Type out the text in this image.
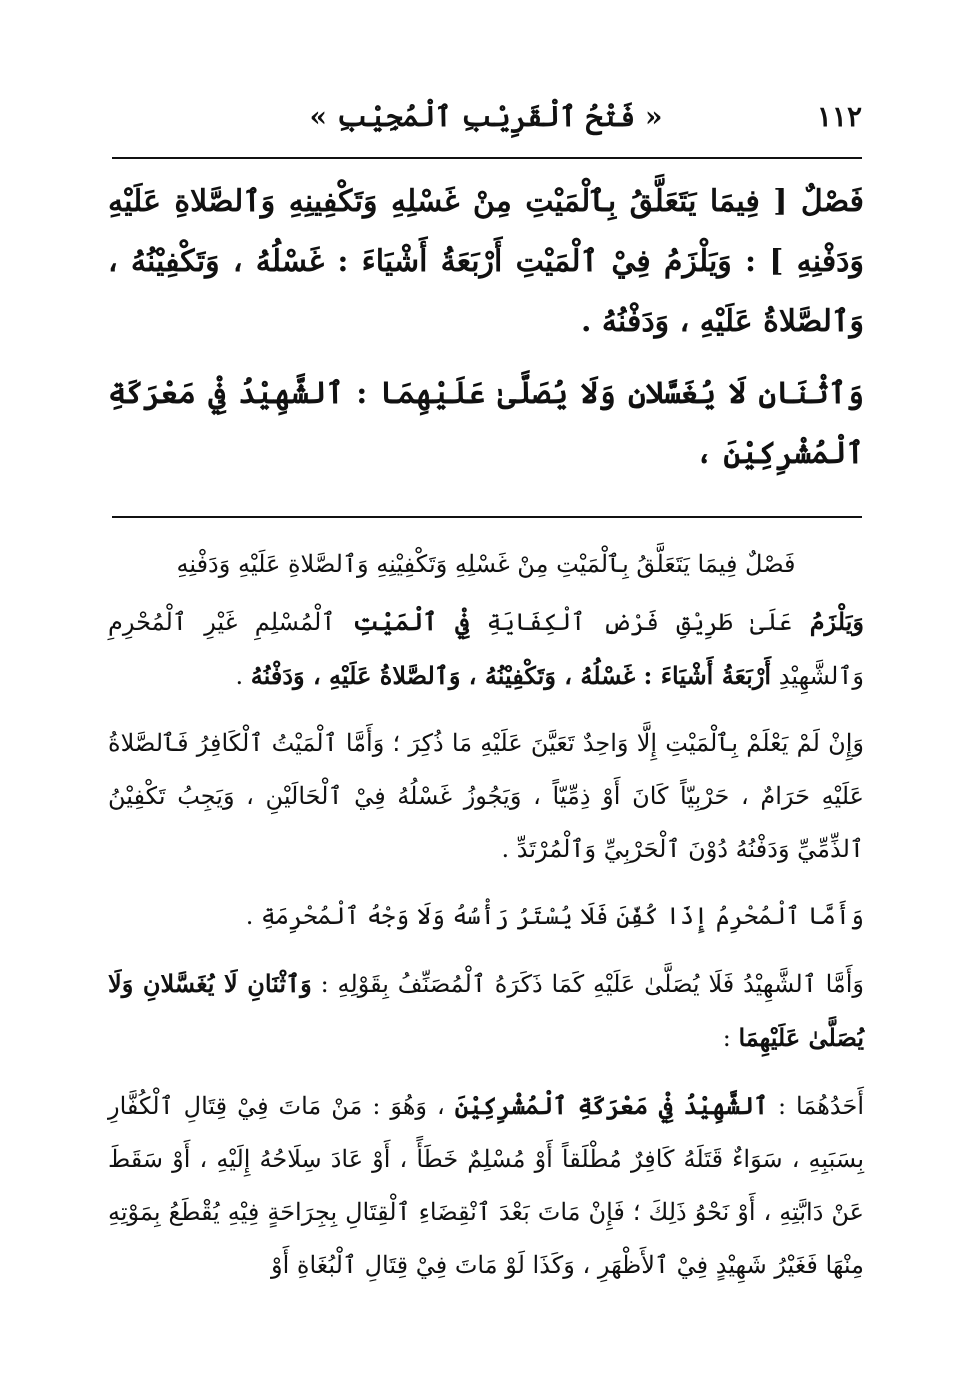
١١٢
« فَتْحُ ٱلْقَرِيْبِ ٱلْمُجِيْبِ »

فَصْلٌ [ فِيمَا يَتَعَلَّقُ بِٱلْمَيْتِ مِنْ غَسْلِهِ وَتَكْفِينِهِ وَٱلصَّلاةِ عَلَيْهِ وَدَفْنِهِ ] : وَيَلْزَمُ فِيْ ٱلْمَيْتِ أَرْبَعَةُ أَشْيَاءَ : غَسْلُهُ ، وَتَكْفِيْنُهُ ، وَٱلصَّلاةُ عَلَيْهِ ، وَدَفْنُهُ .

وَٱثْنَانِ لَا يُغَسَّلانِ وَلَا يُصَلَّىٰ عَلَيْهِمَا : ٱلشَّهِيْدُ فِيْ مَعْرَكَةِ ٱلْمُشْرِكِيْنَ ،

فَصْلٌ فِيمَا يَتَعَلَّقُ بِٱلْمَيْتِ مِنْ غَسْلِهِ وَتَكْفِيْنِهِ وَٱلصَّلاةِ عَلَيْهِ وَدَفْنِهِ

وَيَلْزَمُ عَلَىٰ طَرِيْقِ فَرْضِ ٱلْكِفَايَةِ فِيْ ٱلْمَيْتِ ٱلْمُسْلِمِ غَيْرِ ٱلْمُحْرِمِ وَٱلشَّهِيْدِ أَرْبَعَةُ أَشْيَاءَ : غَسْلُهُ ، وَتَكْفِيْنُهُ ، وَٱلصَّلاةُ عَلَيْهِ ، وَدَفْنُهُ .

وَإِنْ لَمْ يَعْلَمْ بِٱلْمَيْتِ إِلَّا وَاحِدٌ تَعَيَّنَ عَلَيْهِ مَا ذُكِرَ ؛ وَأَمَّا ٱلْمَيْتُ ٱلْكَافِرُ فَٱلصَّلاةُ عَلَيْهِ حَرَامٌ ، حَرْبِيّاً كَانَ أَوْ ذِمِّيّاً ، وَيَجُوزُ غَسْلُهُ فِيْ ٱلْحَالَيْنِ ، وَيَجِبُ تَكْفِيْنُ ٱلذِّمِّيِّ وَدَفْنُهُ دُوْنَ ٱلْحَرْبِيِّ وَٱلْمُرْتَدِّ .

وَأَمَّا ٱلْمُحْرِمُ إِذَا كُفِّنَ فَلَا يُسْتَرُ رَأْسُهُ وَلَا وَجْهُ ٱلْمُحْرِمَةِ .

وَأَمَّا ٱلشَّهِيْدُ فَلَا يُصَلَّىٰ عَلَيْهِ كَمَا ذَكَرَهُ ٱلْمُصَنِّفُ بِقَوْلِهِ : وَٱثْنَانِ لَا يُغَسَّلانِ وَلَا يُصَلَّىٰ عَلَيْهِمَا :

أَحَدُهُمَا : ٱلشَّهِيْدُ فِيْ مَعْرَكَةِ ٱلْمُشْرِكِيْنَ ، وَهُوَ : مَنْ مَاتَ فِيْ قِتَالِ ٱلْكُفَّارِ بِسَبَبِهِ ، سَوَاءٌ قَتَلَهُ كَافِرٌ مُطْلَقاً أَوْ مُسْلِمٌ خَطَأً ، أَوْ عَادَ سِلَاحُهُ إِلَيْهِ ، أَوْ سَقَطَ عَنْ دَابَّتِهِ ، أَوْ نَحْوُ ذَلِكَ ؛ فَإِنْ مَاتَ بَعْدَ ٱنْقِضَاءِ ٱلْقِتَالِ بِجِرَاحَةٍ فِيْهِ يُقْطَعُ بِمَوْتِهِ مِنْهَا فَغَيْرُ شَهِيْدٍ فِيْ ٱلأَظْهَرِ ، وَكَذَا لَوْ مَاتَ فِيْ قِتَالِ ٱلْبُغَاةِ أَوْ
